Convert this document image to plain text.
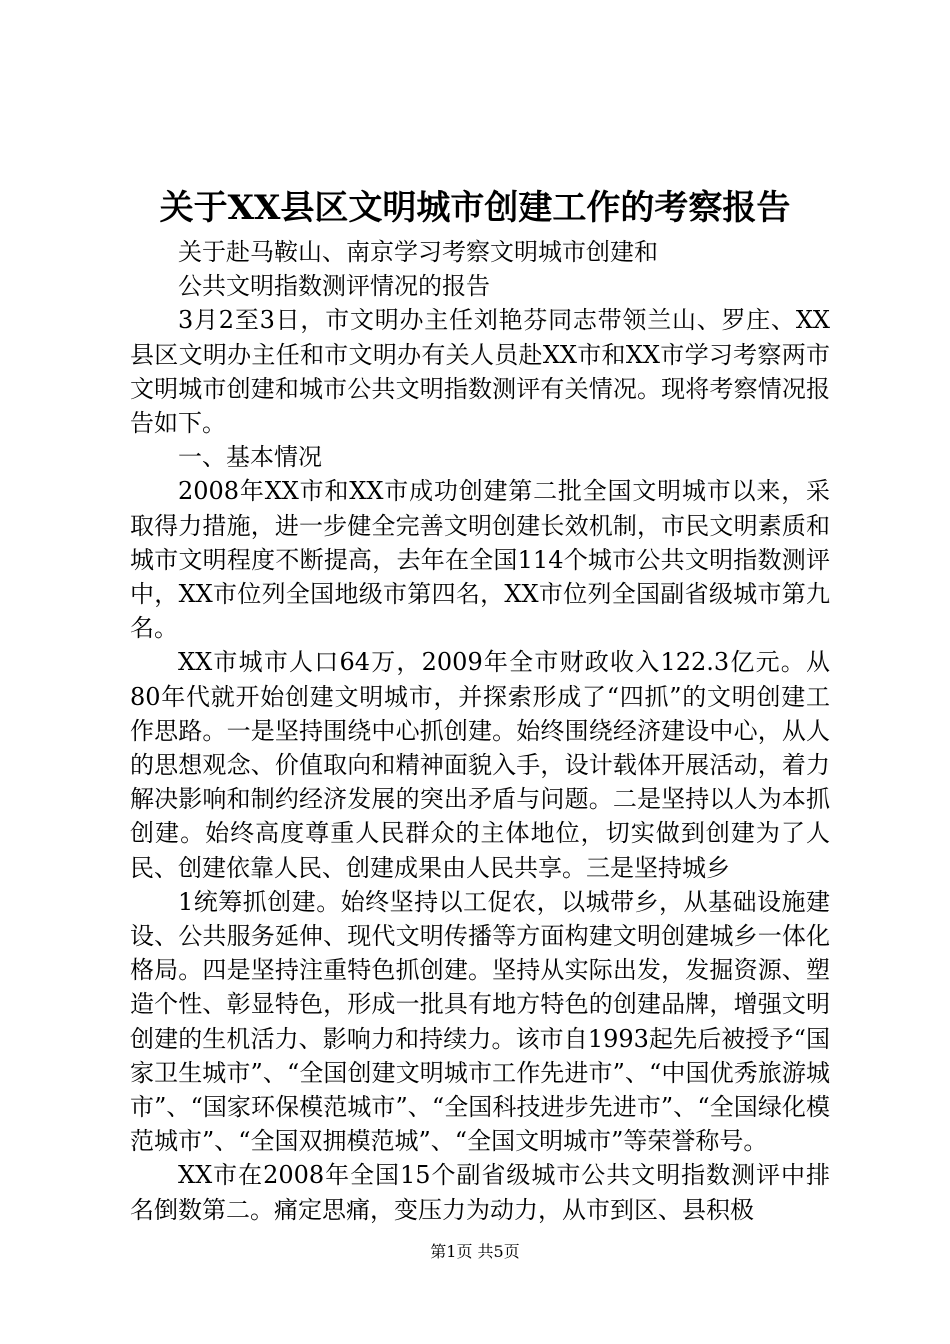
关于XX县区文明城市创建工作的考察报告

关于赴马鞍山、南京学习考察文明城市创建和

公共文明指数测评情况的报告

3月2至3日，市文明办主任刘艳芬同志带领兰山、罗庄、XX县区文明办主任和市文明办有关人员赴XX市和XX市学习考察两市文明城市创建和城市公共文明指数测评有关情况。现将考察情况报告如下。

一、基本情况

2008年XX市和XX市成功创建第二批全国文明城市以来，采取得力措施，进一步健全完善文明创建长效机制，市民文明素质和城市文明程度不断提高，去年在全国114个城市公共文明指数测评中，XX市位列全国地级市第四名，XX市位列全国副省级城市第九名。

XX市城市人口64万，2009年全市财政收入122.3亿元。从80年代就开始创建文明城市，并探索形成了“四抓”的文明创建工作思路。一是坚持围绕中心抓创建。始终围绕经济建设中心，从人的思想观念、价值取向和精神面貌入手，设计载体开展活动，着力解决影响和制约经济发展的突出矛盾与问题。二是坚持以人为本抓创建。始终高度尊重人民群众的主体地位，切实做到创建为了人民、创建依靠人民、创建成果由人民共享。三是坚持城乡

1统筹抓创建。始终坚持以工促农，以城带乡，从基础设施建设、公共服务延伸、现代文明传播等方面构建文明创建城乡一体化格局。四是坚持注重特色抓创建。坚持从实际出发，发掘资源、塑造个性、彰显特色，形成一批具有地方特色的创建品牌，增强文明创建的生机活力、影响力和持续力。该市自1993起先后被授予“国家卫生城市”、“全国创建文明城市工作先进市”、“中国优秀旅游城市”、“国家环保模范城市”、“全国科技进步先进市”、“全国绿化模范城市”、“全国双拥模范城”、“全国文明城市”等荣誉称号。

XX市在2008年全国15个副省级城市公共文明指数测评中排名倒数第二。痛定思痛，变压力为动力，从市到区、县积极

第1页 共5页
